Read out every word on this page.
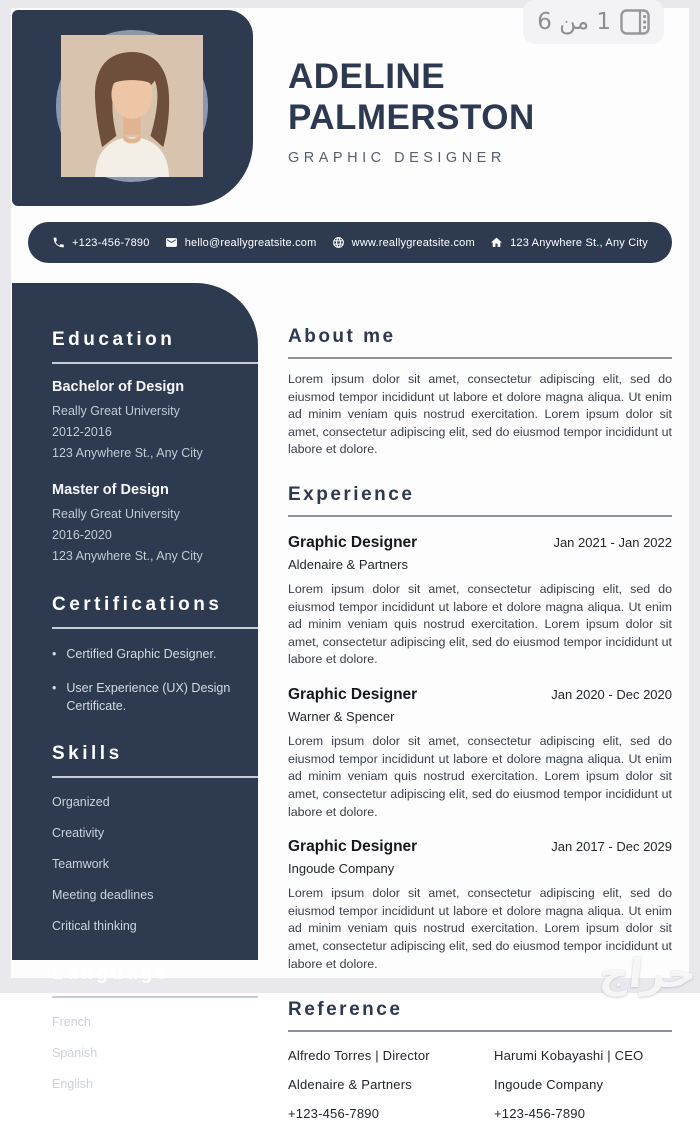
ADELINE
PALMERSTON
GRAPHIC DESIGNER
+123-456-7890	hello@reallygreatsite.com	www.reallygreatsite.com	123 Anywhere St., Any City
Education
Bachelor of Design
Really Great University
2012-2016
123 Anywhere St., Any City
Master of Design
Really Great University
2016-2020
123 Anywhere St., Any City
Certifications
• Certified Graphic Designer.
• User Experience (UX) Design Certificate.
Skills
Organized
Creativity
Teamwork
Meeting deadlines
Critical thinking
Language
French
Spanish
English
About me
Lorem ipsum dolor sit amet, consectetur adipiscing elit, sed do eiusmod tempor incididunt ut labore et dolore magna aliqua. Ut enim ad minim veniam quis nostrud exercitation. Lorem ipsum dolor sit amet, consectetur adipiscing elit, sed do eiusmod tempor incididunt ut labore et dolore.
Experience
Graphic Designer	Jan 2021 - Jan 2022
Aldenaire & Partners
Lorem ipsum dolor sit amet, consectetur adipiscing elit, sed do eiusmod tempor incididunt ut labore et dolore magna aliqua. Ut enim ad minim veniam quis nostrud exercitation. Lorem ipsum dolor sit amet, consectetur adipiscing elit, sed do eiusmod tempor incididunt ut labore et dolore.
Graphic Designer	Jan 2020 - Dec 2020
Warner & Spencer
Lorem ipsum dolor sit amet, consectetur adipiscing elit, sed do eiusmod tempor incididunt ut labore et dolore magna aliqua. Ut enim ad minim veniam quis nostrud exercitation. Lorem ipsum dolor sit amet, consectetur adipiscing elit, sed do eiusmod tempor incididunt ut labore et dolore.
Graphic Designer	Jan 2017 - Dec 2029
Ingoude Company
Lorem ipsum dolor sit amet, consectetur adipiscing elit, sed do eiusmod tempor incididunt ut labore et dolore magna aliqua. Ut enim ad minim veniam quis nostrud exercitation. Lorem ipsum dolor sit amet, consectetur adipiscing elit, sed do eiusmod tempor incididunt ut labore et dolore.
Reference
Alfredo Torres | Director
Aldenaire & Partners
+123-456-7890
Harumi Kobayashi | CEO
Ingoude Company
+123-456-7890
1 من 6
حراج
